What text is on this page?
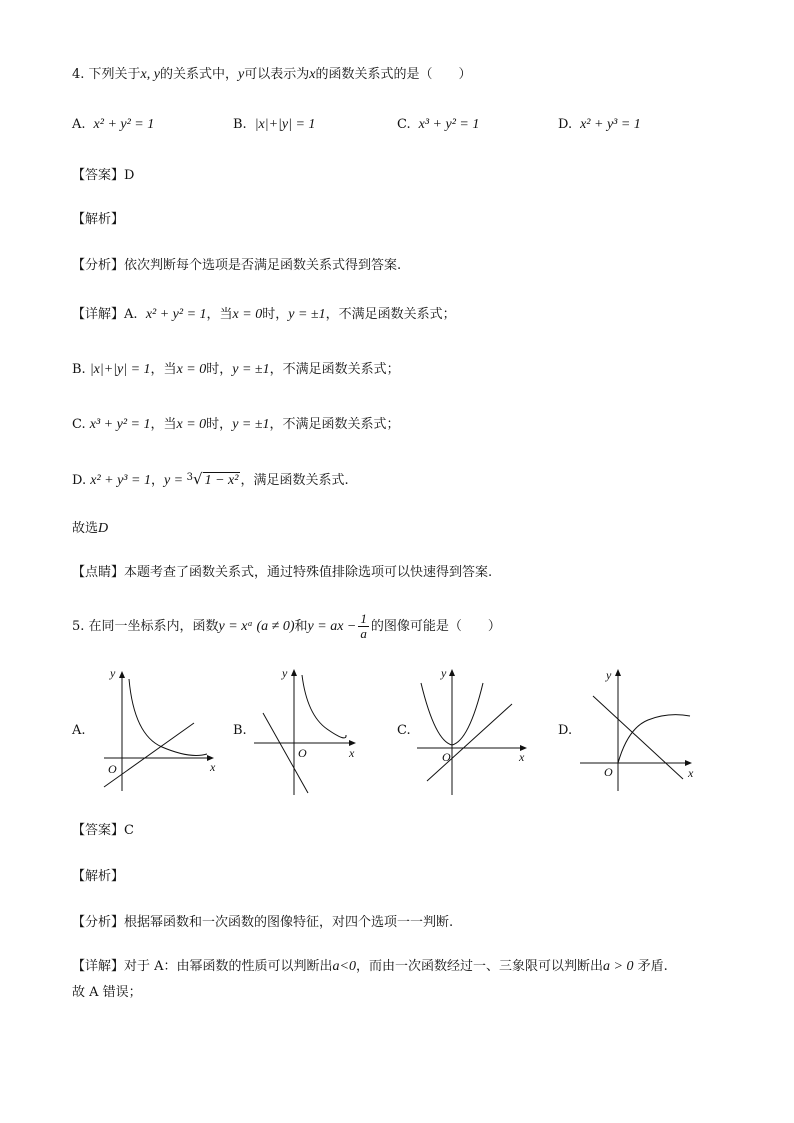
4. 下列关于x, y的关系式中，y可以表示为x的函数关系式的是（　　）
A. x² + y² = 1	B. |x|+|y| = 1	C. x³ + y² = 1	D. x² + y³ = 1
【答案】D
【解析】
【分析】依次判断每个选项是否满足函数关系式得到答案.
【详解】A. x² + y² = 1，当x = 0时，y = ±1，不满足函数关系式；
B. |x|+|y| = 1，当x = 0时，y = ±1，不满足函数关系式；
C. x³ + y² = 1，当x = 0时，y = ±1，不满足函数关系式；
D. x² + y³ = 1，y = $^3$√ 1 − x² ，满足函数关系式.
故选D
【点睛】本题考查了函数关系式，通过特殊值排除选项可以快速得到答案.
5. 在同一坐标系内，函数y = xᵃ (a ≠ 0)和y = ax − $\frac{1}{a}$ 的图像可能是（　　）
A.
y
x
O
B.
y
x
O
C.
y
x
O
D.
y
x
O
【答案】C
【解析】
【分析】根据幂函数和一次函数的图像特征，对四个选项一一判断.
【详解】对于 A：由幂函数的性质可以判断出a<0，而由一次函数经过一、三象限可以判断出a > 0 矛盾.
故 A 错误；
